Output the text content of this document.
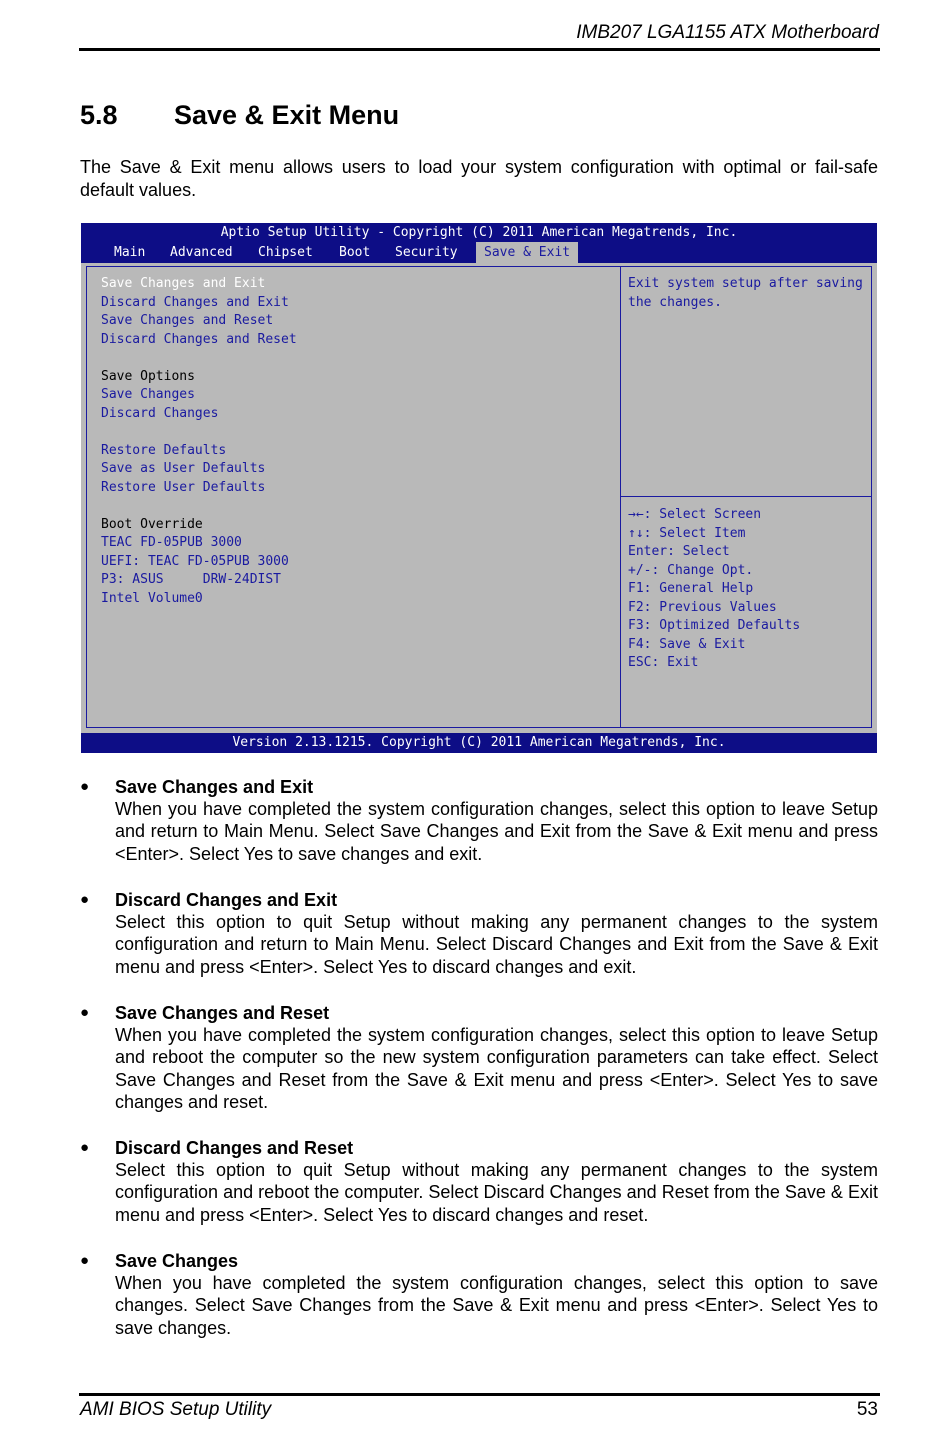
IMB207 LGA1155 ATX Motherboard
5.8 Save & Exit Menu
The Save & Exit menu allows users to load your system configuration with optimal or fail-safe default values.
Aptio Setup Utility - Copyright (C) 2011 American Megatrends, Inc.
Main Advanced Chipset Boot Security	Save & Exit
Save Changes and Exit
Discard Changes and Exit
Save Changes and Reset
Discard Changes and Reset
Save Options
Save Changes
Discard Changes
Restore Defaults
Save as User Defaults
Restore User Defaults
Boot Override
TEAC FD-05PUB 3000
UEFI: TEAC FD-05PUB 3000
P3: ASUS     DRW-24DIST
Intel Volume0
Exit system setup after saving
the changes.
→←: Select Screen
↑↓: Select Item
Enter: Select
+/-: Change Opt.
F1: General Help
F2: Previous Values
F3: Optimized Defaults
F4: Save & Exit
ESC: Exit
Version 2.13.1215. Copyright (C) 2011 American Megatrends, Inc.
● Save Changes and Exit
When you have completed the system configuration changes, select this option to leave Setup and return to Main Menu. Select Save Changes and Exit from the Save & Exit menu and press <Enter>. Select Yes to save changes and exit.
● Discard Changes and Exit
Select this option to quit Setup without making any permanent changes to the system configuration and return to Main Menu. Select Discard Changes and Exit from the Save & Exit menu and press <Enter>. Select Yes to discard changes and exit.
● Save Changes and Reset
When you have completed the system configuration changes, select this option to leave Setup and reboot the computer so the new system configuration parameters can take effect. Select Save Changes and Reset from the Save & Exit menu and press <Enter>. Select Yes to save changes and reset.
● Discard Changes and Reset
Select this option to quit Setup without making any permanent changes to the system configuration and reboot the computer. Select Discard Changes and Reset from the Save & Exit menu and press <Enter>. Select Yes to discard changes and reset.
● Save Changes
When you have completed the system configuration changes, select this option to save changes. Select Save Changes from the Save & Exit menu and press <Enter>. Select Yes to save changes.
AMI BIOS Setup Utility	53
